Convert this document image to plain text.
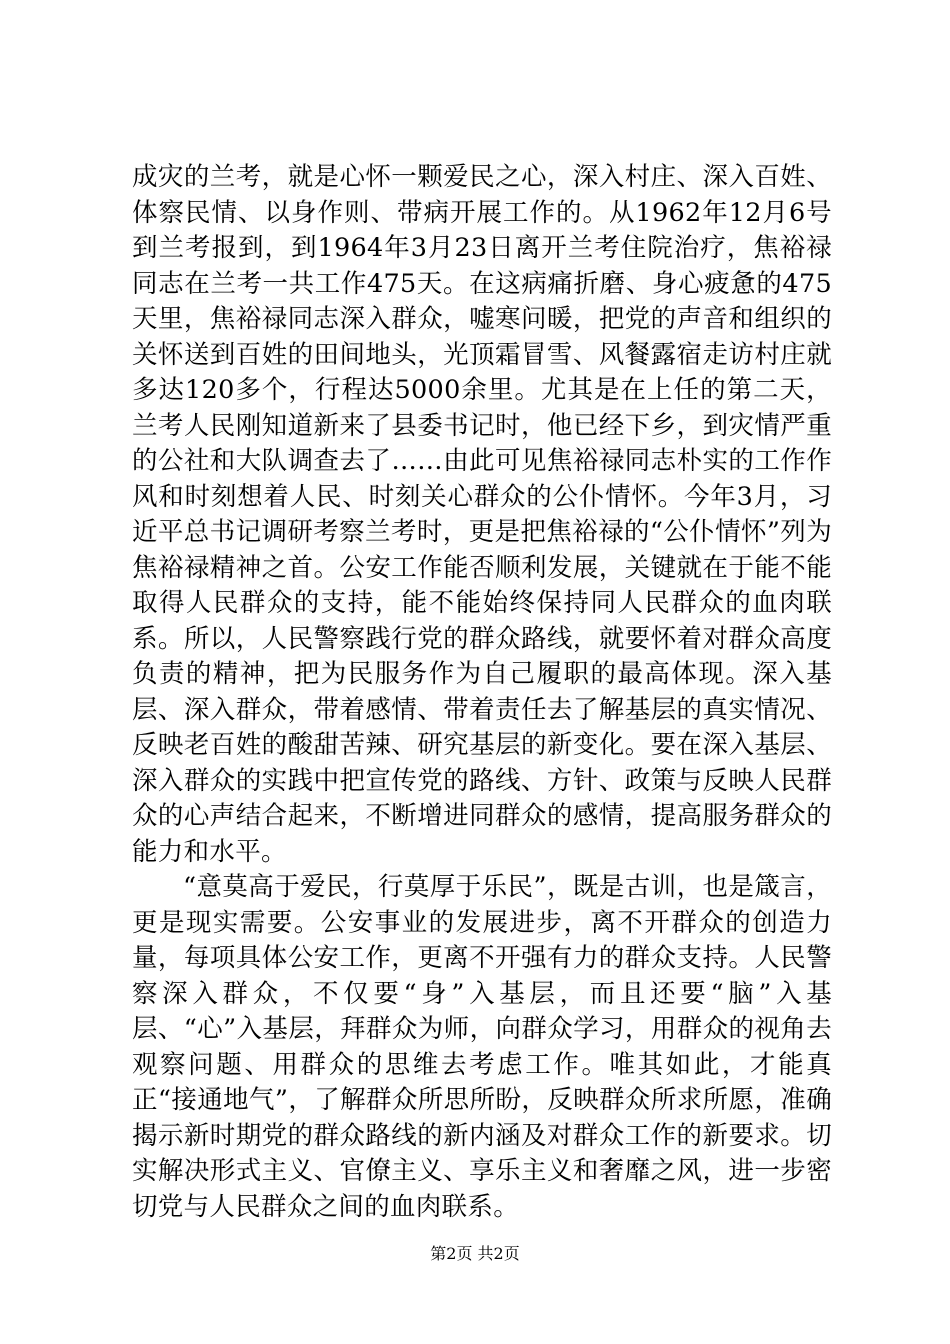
成灾的兰考，就是心怀一颗爱民之心，深入村庄、深入百姓、体察民情、以身作则、带病开展工作的。从1962年12月6号到兰考报到，到1964年3月23日离开兰考住院治疗，焦裕禄同志在兰考一共工作475天。在这病痛折磨、身心疲惫的475天里，焦裕禄同志深入群众，嘘寒问暖，把党的声音和组织的关怀送到百姓的田间地头，光顶霜冒雪、风餐露宿走访村庄就多达120多个，行程达5000余里。尤其是在上任的第二天，兰考人民刚知道新来了县委书记时，他已经下乡，到灾情严重的公社和大队调查去了……由此可见焦裕禄同志朴实的工作作风和时刻想着人民、时刻关心群众的公仆情怀。今年3月，习近平总书记调研考察兰考时，更是把焦裕禄的“公仆情怀”列为焦裕禄精神之首。公安工作能否顺利发展，关键就在于能不能取得人民群众的支持，能不能始终保持同人民群众的血肉联系。所以，人民警察践行党的群众路线，就要怀着对群众高度负责的精神，把为民服务作为自己履职的最高体现。深入基层、深入群众，带着感情、带着责任去了解基层的真实情况、反映老百姓的酸甜苦辣、研究基层的新变化。要在深入基层、深入群众的实践中把宣传党的路线、方针、政策与反映人民群众的心声结合起来，不断增进同群众的感情，提高服务群众的能力和水平。

“意莫高于爱民，行莫厚于乐民”，既是古训，也是箴言，更是现实需要。公安事业的发展进步，离不开群众的创造力量，每项具体公安工作，更离不开强有力的群众支持。人民警察深入群众，不仅要“身”入基层，而且还要“脑”入基层、“心”入基层，拜群众为师，向群众学习，用群众的视角去观察问题、用群众的思维去考虑工作。唯其如此，才能真正“接通地气”，了解群众所思所盼，反映群众所求所愿，准确揭示新时期党的群众路线的新内涵及对群众工作的新要求。切实解决形式主义、官僚主义、享乐主义和奢靡之风，进一步密切党与人民群众之间的血肉联系。

第2页 共2页
